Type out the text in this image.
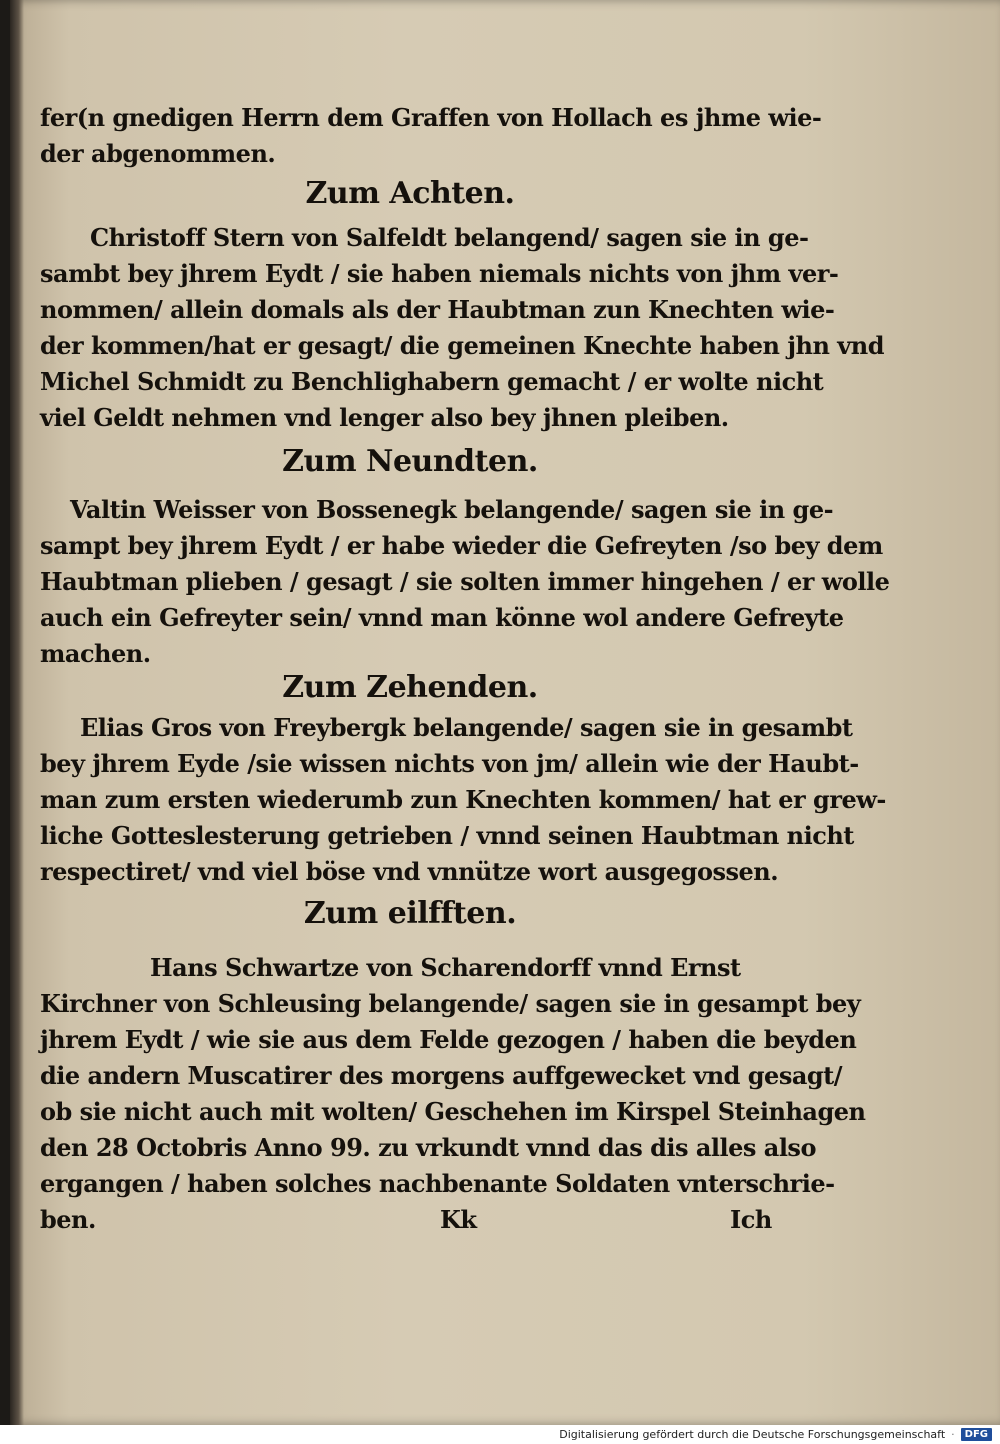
fer(n gnedigen Herrn dem Graffen von Hollach es jhme wie-
der abgenommen.
Zum Achten.
Christoff Stern von Salfeldt belangend/ sagen sie in ge-
sambt bey jhrem Eydt / sie haben niemals nichts von jhm ver-
nommen/ allein domals als der Haubtman zun Knechten wie-
der kommen/hat er gesagt/ die gemeinen Knechte haben jhn vnd
Michel Schmidt zu Benchlighabern gemacht / er wolte nicht
viel Geldt nehmen vnd lenger also bey jhnen pleiben.
Zum Neundten.
Valtin Weisser von Bossenegk belangende/ sagen sie in ge-
sampt bey jhrem Eydt / er habe wieder die Gefreyten /so bey dem
Haubtman plieben / gesagt / sie solten immer hingehen / er wolle
auch ein Gefreyter sein/ vnnd man könne wol andere Gefreyte
machen.
Zum Zehenden.
Elias Gros von Freybergk belangende/ sagen sie in gesambt
bey jhrem Eyde /sie wissen nichts von jm/ allein wie der Haubt-
man zum ersten wiederumb zun Knechten kommen/ hat er grew-
liche Gotteslesterung getrieben / vnnd seinen Haubtman nicht
respectiret/ vnd viel böse vnd vnnütze wort ausgegossen.
Zum eilfften.
Hans Schwartze von Scharendorff vnnd Ernst
Kirchner von Schleusing belangende/ sagen sie in gesampt bey
jhrem Eydt / wie sie aus dem Felde gezogen / haben die beyden
die andern Muscatirer des morgens auffgewecket vnd gesagt/
ob sie nicht auch mit wolten/ Geschehen im Kirspel Steinhagen
den 28 Octobris Anno 99. zu vrkundt vnnd das dis alles also
ergangen / haben solches nachbenante Soldaten vnterschrie-
ben.	Kk	Ich
Digitalisierung gefördert durch die Deutsche Forschungsgemeinschaft ·	DFG
